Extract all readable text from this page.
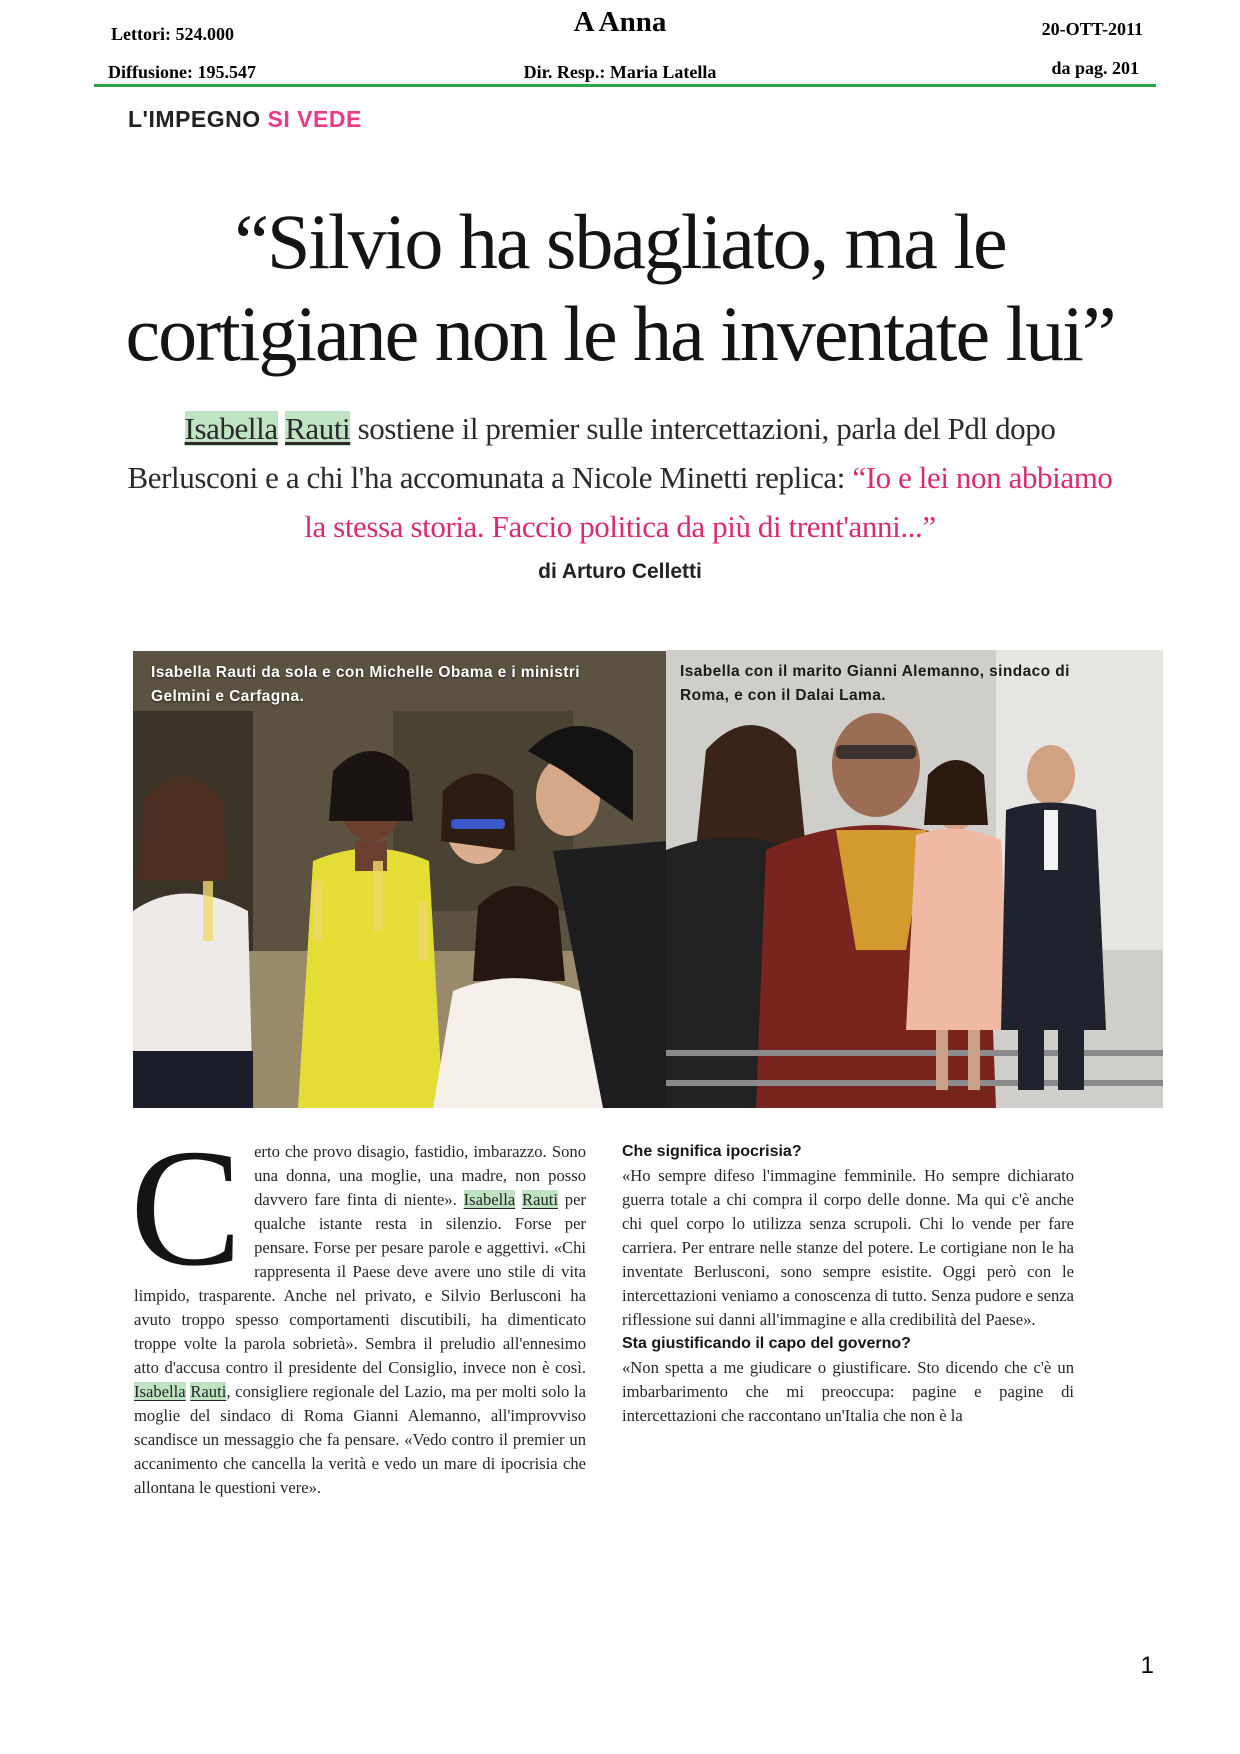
Lettori: 524.000	A Anna	20-OTT-2011
Diffusione: 195.547	Dir. Resp.: Maria Latella	da pag. 201
L'IMPEGNO SI VEDE
“Silvio ha sbagliato, ma le
cortigiane non le ha inventate lui”
Isabella Rauti sostiene il premier sulle intercettazioni, parla del Pdl dopo Berlusconi e a chi l'ha accomunata a Nicole Minetti replica: “Io e lei non abbiamo la stessa storia. Faccio politica da più di trent'anni...”
di Arturo Celletti
Isabella Rauti da sola e con Michelle Obama e i ministri Gelmini e Carfagna.
Isabella con il marito Gianni Alemanno, sindaco di Roma, e con il Dalai Lama.
C erto che provo disagio, fastidio, imbarazzo. Sono una donna, una moglie, una madre, non posso davvero fare finta di niente». Isabella Rauti per qualche istante resta in silenzio. Forse per pensare. Forse per pesare parole e aggettivi. «Chi rappresenta il Paese deve avere uno stile di vita limpido, trasparente. Anche nel privato, e Silvio Berlusconi ha avuto troppo spesso comportamenti discutibili, ha dimenticato troppe volte la parola sobrietà». Sembra il preludio all'ennesimo atto d'accusa contro il presidente del Consiglio, invece non è così. Isabella Rauti, consigliere regionale del Lazio, ma per molti solo la moglie del sindaco di Roma Gianni Alemanno, all'improvviso scandisce un messaggio che fa pensare. «Vedo contro il premier un accanimento che cancella la verità e vedo un mare di ipocrisia che allontana le questioni vere».

Che significa ipocrisia?

«Ho sempre difeso l'immagine femminile. Ho sempre dichiarato guerra totale a chi compra il corpo delle donne. Ma qui c'è anche chi quel corpo lo utilizza senza scrupoli. Chi lo vende per fare carriera. Per entrare nelle stanze del potere. Le cortigiane non le ha inventate Berlusconi, sono sempre esistite. Oggi però con le intercettazioni veniamo a conoscenza di tutto. Senza pudore e senza riflessione sui danni all'immagine e alla credibilità del Paese».

Sta giustificando il capo del governo?

«Non spetta a me giudicare o giustificare. Sto dicendo che c'è un imbarbarimento che mi preoccupa: pagine e pagine di intercettazioni che raccontano un'Italia che non è la

1
